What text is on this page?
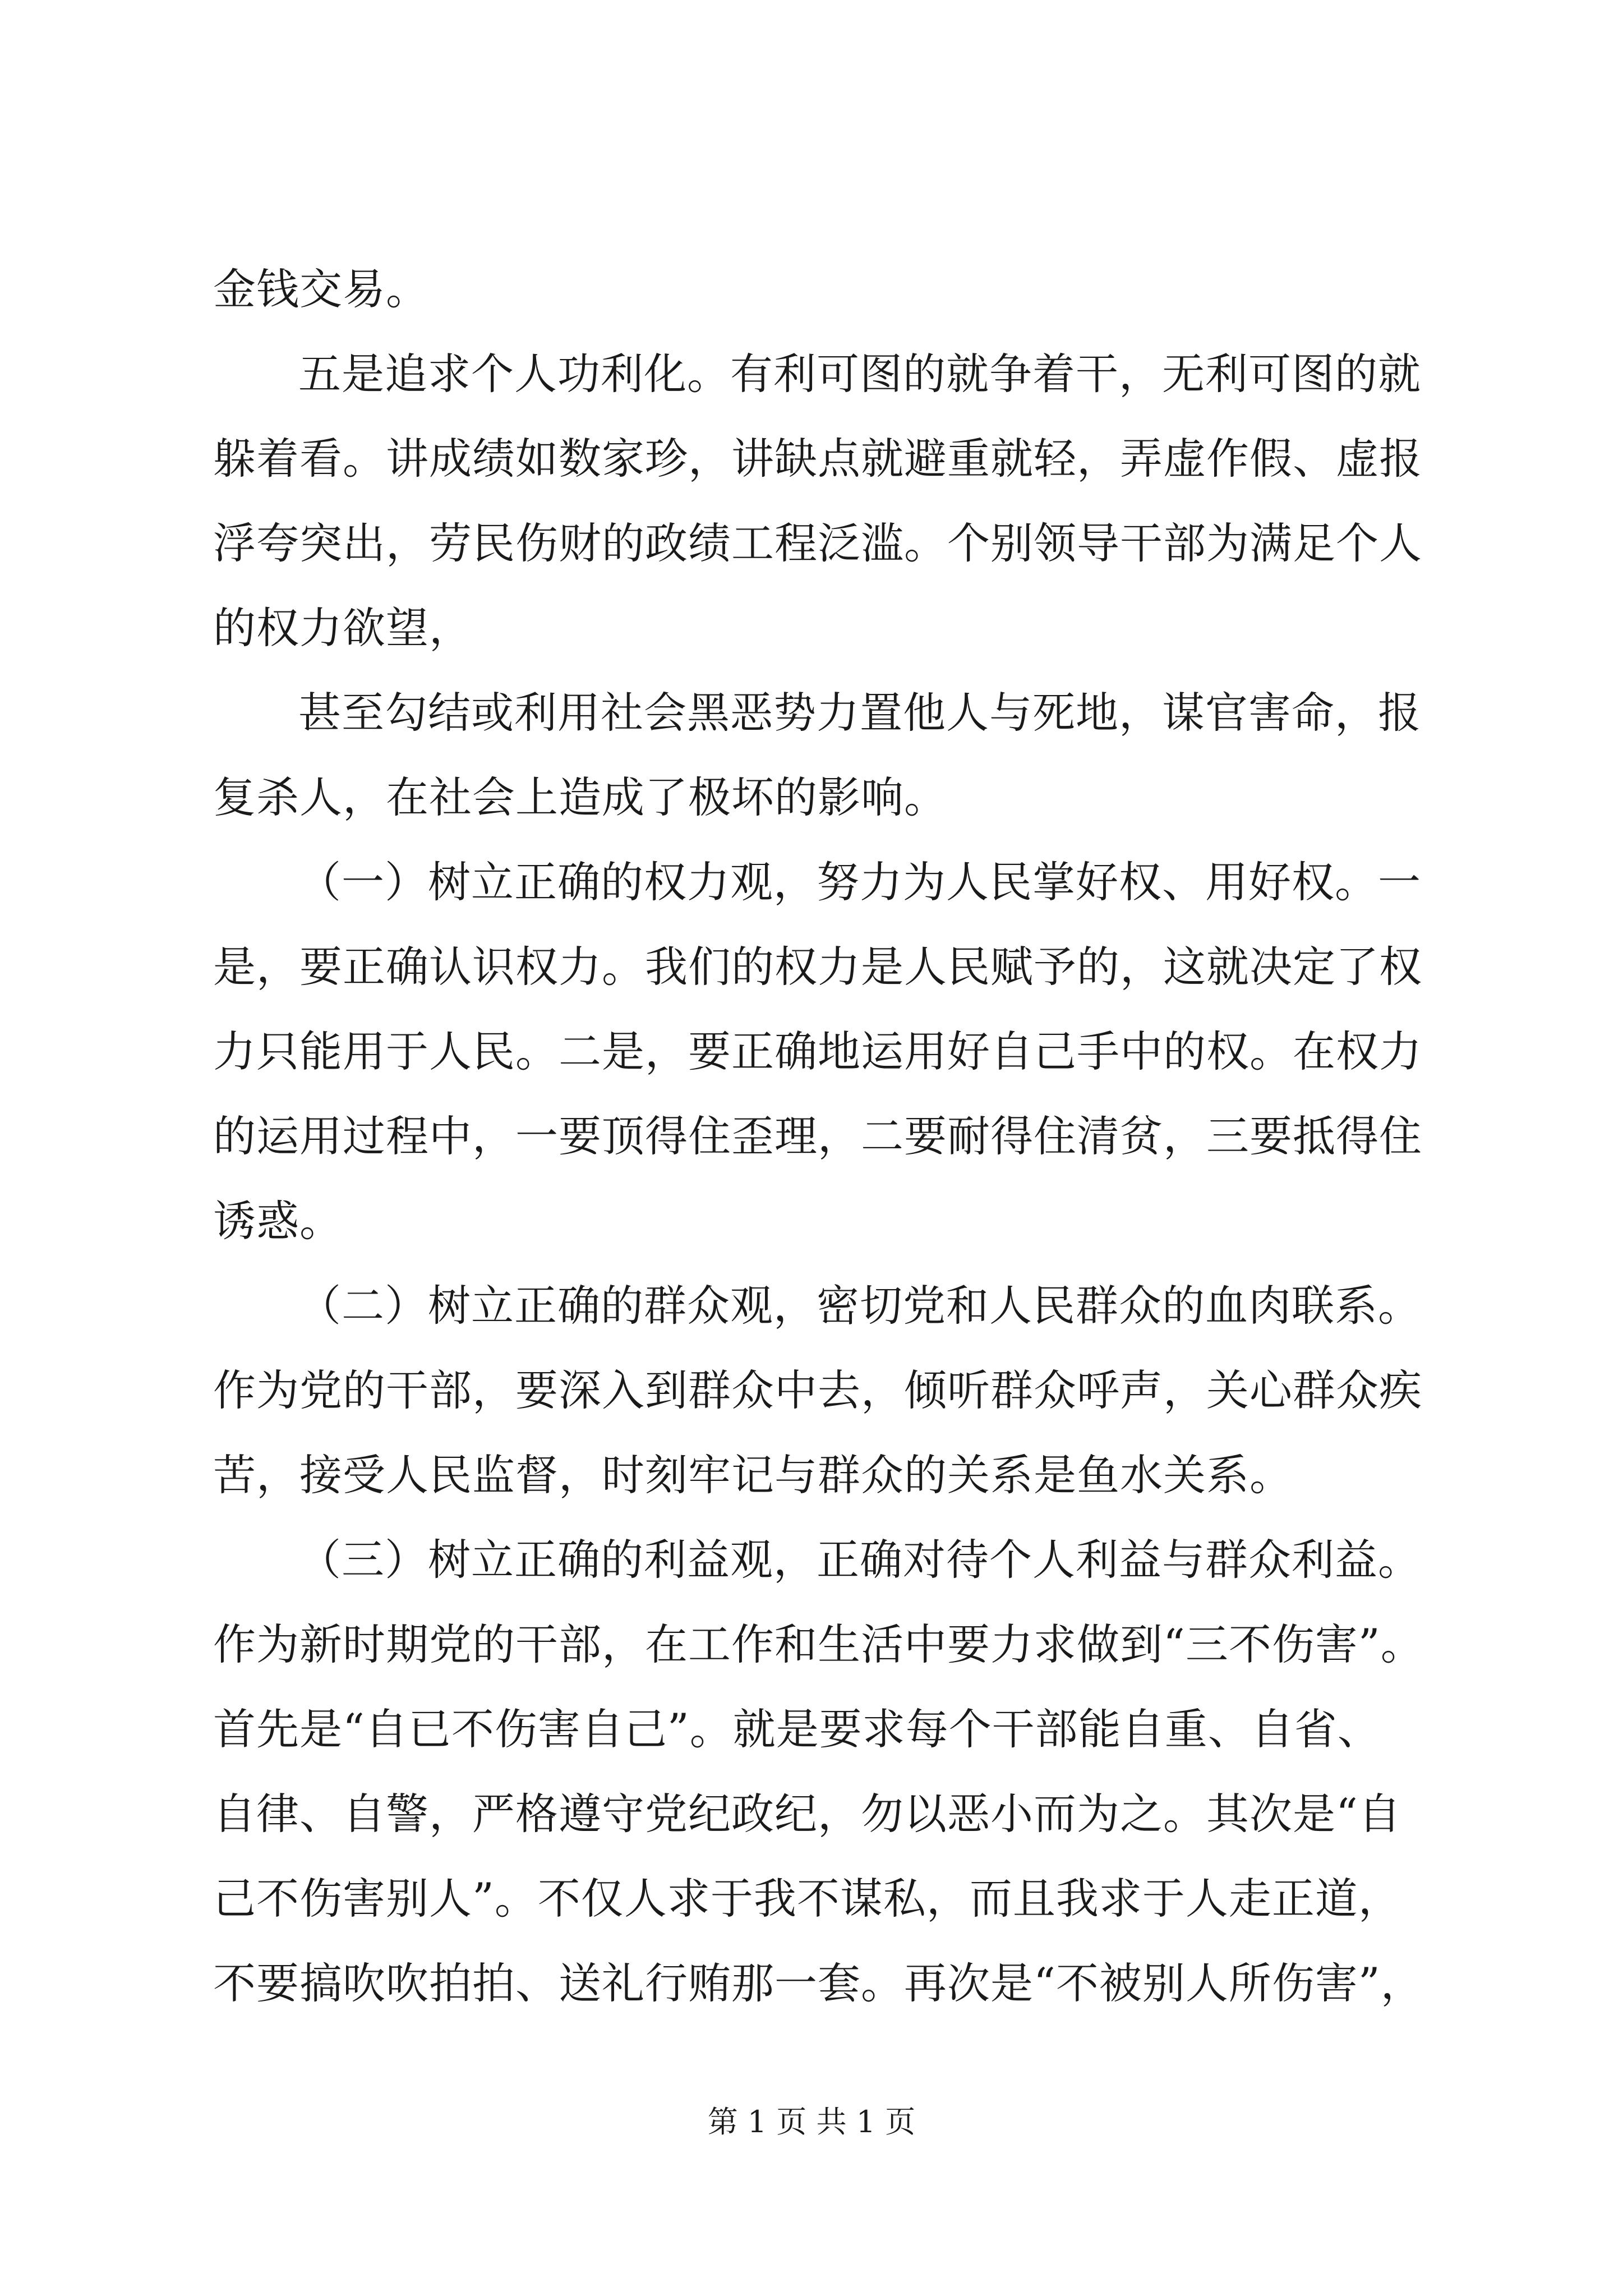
金钱交易。
五是追求个人功利化。有利可图的就争着干，无利可图的就
躲着看。讲成绩如数家珍，讲缺点就避重就轻，弄虚作假、虚报
浮夸突出，劳民伤财的政绩工程泛滥。个别领导干部为满足个人
的权力欲望，
甚至勾结或利用社会黑恶势力置他人与死地，谋官害命，报
复杀人，在社会上造成了极坏的影响。
（一）树立正确的权力观，努力为人民掌好权、用好权。一
是，要正确认识权力。我们的权力是人民赋予的，这就决定了权
力只能用于人民。二是，要正确地运用好自己手中的权。在权力
的运用过程中，一要顶得住歪理，二要耐得住清贫，三要抵得住
诱惑。
（二）树立正确的群众观，密切党和人民群众的血肉联系。
作为党的干部，要深入到群众中去，倾听群众呼声，关心群众疾
苦，接受人民监督，时刻牢记与群众的关系是鱼水关系。
（三）树立正确的利益观，正确对待个人利益与群众利益。
作为新时期党的干部，在工作和生活中要力求做到“三不伤害”。
首先是“自已不伤害自己”。就是要求每个干部能自重、自省、
自律、自警，严格遵守党纪政纪，勿以恶小而为之。其次是“自
己不伤害别人”。不仅人求于我不谋私，而且我求于人走正道，
不要搞吹吹拍拍、送礼行贿那一套。再次是“不被别人所伤害”，
第 1 页 共 1 页
